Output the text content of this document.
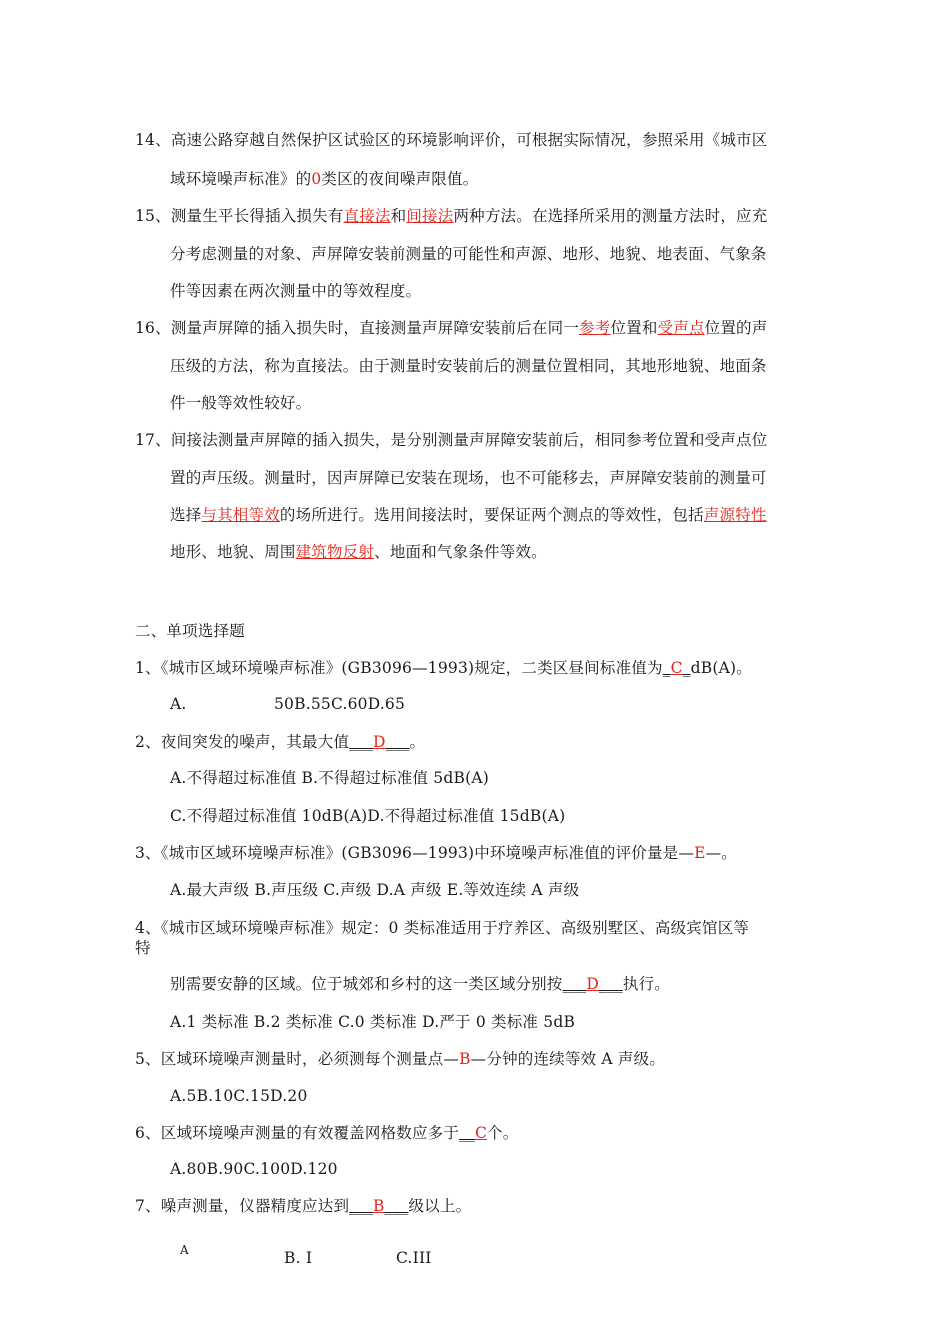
14、高速公路穿越自然保护区试验区的环境影响评价，可根据实际情况，参照采用《城市区
域环境噪声标准》的0类区的夜间噪声限值。
15、测量生平长得插入损失有直接法和间接法两种方法。在选择所采用的测量方法时，应充
分考虑测量的对象、声屏障安装前测量的可能性和声源、地形、地貌、地表面、气象条
件等因素在两次测量中的等效程度。
16、测量声屏障的插入损失时，直接测量声屏障安装前后在同一参考位置和受声点位置的声
压级的方法，称为直接法。由于测量时安装前后的测量位置相同，其地形地貌、地面条
件一般等效性较好。
17、间接法测量声屏障的插入损失，是分别测量声屏障安装前后，相同参考位置和受声点位
置的声压级。测量时，因声屏障已安装在现场，也不可能移去，声屏障安装前的测量可
选择与其相等效的场所进行。选用间接法时，要保证两个测点的等效性，包括声源特性
地形、地貌、周围建筑物反射、地面和气象条件等效。
二、单项选择题
1、《城市区域环境噪声标准》(GB3096—1993)规定，二类区昼间标准值为_C_dB(A)。
A.	50B.55C.60D.65
2、夜间突发的噪声，其最大值___D___。
A.不得超过标准值 B.不得超过标准值 5dB(A)
C.不得超过标准值 10dB(A)D.不得超过标准值 15dB(A)
3、《城市区域环境噪声标准》(GB3096—1993)中环境噪声标准值的评价量是—E—。
A.最大声级 B.声压级 C.声级 D.A 声级 E.等效连续 A 声级
4、《城市区域环境噪声标准》规定：0 类标准适用于疗养区、高级别墅区、高级宾馆区等
特
别需要安静的区域。位于城郊和乡村的这一类区域分别按___D___执行。
A.1 类标准 B.2 类标准 C.0 类标准 D.严于 0 类标准 5dB
5、区域环境噪声测量时，必须测每个测量点—B—分钟的连续等效 A 声级。
A.5B.10C.15D.20
6、区域环境噪声测量的有效覆盖网格数应多于__C个。
A.80B.90C.100D.120
7、噪声测量，仪器精度应达到___B___级以上。
A	B. I	C.III
